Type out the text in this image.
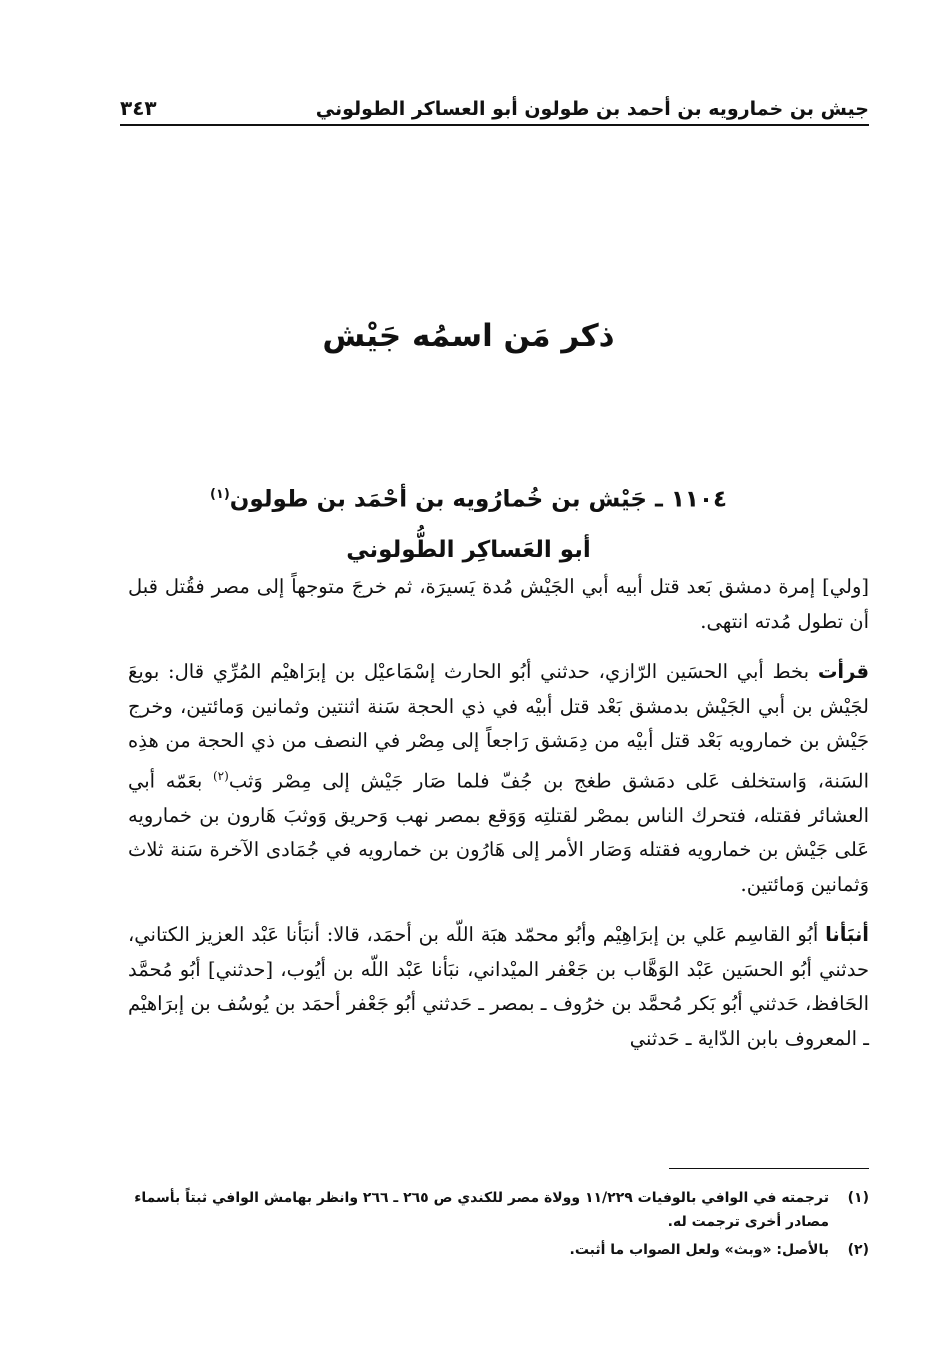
جيش بن خمارويه بن أحمد بن طولون أبو العساكر الطولوني
٣٤٣
ذكر مَن اسمُه جَيْش
١١٠٤ ـ جَيْش بن خُمارُويه بن أحْمَد بن طولون$^{(١)}$
أبو العَساكِر الطُّولوني

[ولي] إمرة دمشق بَعد قتل أبيه أبي الجَيْش مُدة يَسيرَة، ثم خرجَ متوجهاً إلى مصر فقُتل قبل أن تطول مُدته انتهى.

قرأت بخط أبي الحسَين الرّازي، حدثني أبُو الحارث إسْمَاعيْل بن إبرَاهيْم المُرِّي قال: بويعَ لجَيْش بن أبي الجَيْش بدمشق بَعْد قتل أبيْه في ذي الحجة سَنة اثنتين وثمانين وَمائتين، وخرج جَيْش بن خمارويه بَعْد قتل أبيْه من دِمَشق رَاجعاً إلى مِصْر في النصف من ذي الحجة من هذِه السَنة، وَاستخلف عَلى دمَشق طغج بن جُفّ فلما صَار جَيْش إلى مِصْر وَثب$^{(٢)}$ بعَمّه أبي العشائر فقتله، فتحرك الناس بمصْر لقتلتِه وَوَقع بمصر نهب وَحريق وَوثبَ هَارون بن خمارويه عَلى جَيْش بن خمارويه فقتله وَصَار الأمر إلى هَارُون بن خمارويه في جُمَادى الآخرة سَنة ثلاث وَثمانين وَمائتين.

أنبَأنا أبُو القاسِم عَلي بن إبرَاهِيْم وأبُو محمّد هبَة اللّه بن أحمَد، قالا: أنبَأنا عَبْد العزيز الكتاني، حدثني أبُو الحسَين عَبْد الوَهَّاب بن جَعْفر الميْداني، نبَأنا عَبْد اللّه بن أيُوب، [حدثني] أبُو مُحمَّد الحَافظ، حَدثني أبُو بَكر مُحمَّد بن خرُوف ـ بمصر ـ حَدثني أبُو جَعْفر أحمَد بن يُوسُف بن إبرَاهيْم ـ المعروف بابن الدّاية ـ حَدثني

(١)
ترجمته في الوافي بالوفيات ١١/٢٢٩ وولاة مصر للكندي ص ٢٦٥ ـ ٢٦٦ وانظر بهامش الوافي ثبتاً بأسماء مصادر أخرى ترجمت له.
(٢)
بالأصل: «وبث» ولعل الصواب ما أثبت.
